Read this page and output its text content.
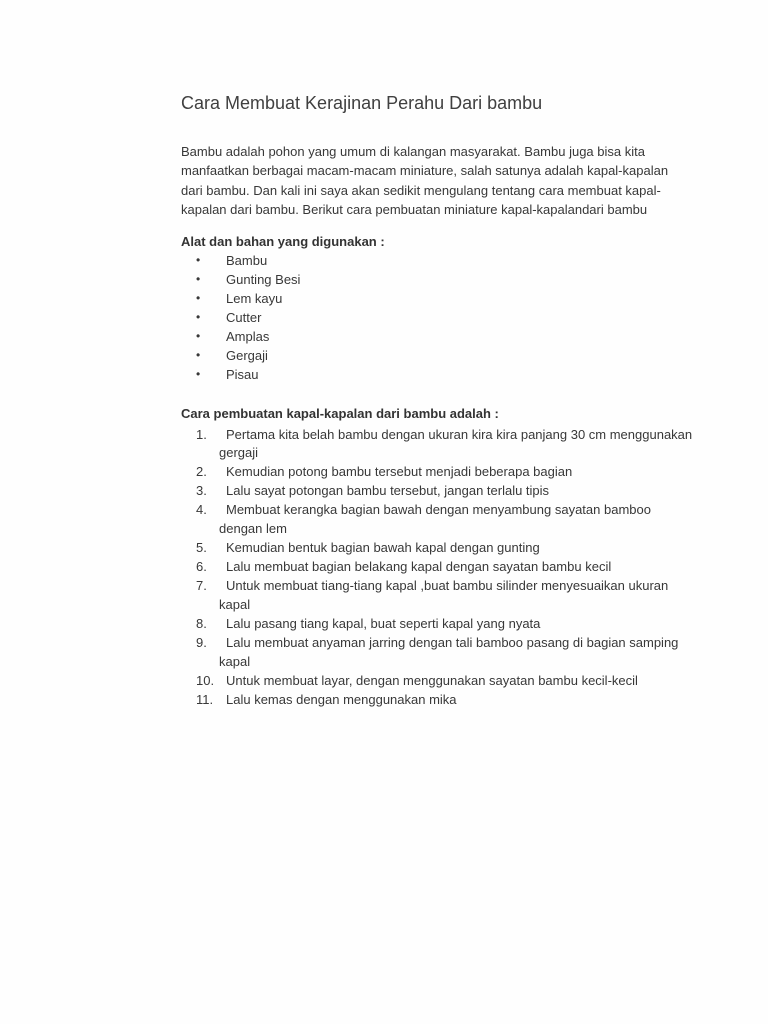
Cara Membuat Kerajinan Perahu Dari bambu
Bambu adalah pohon yang umum di kalangan masyarakat. Bambu juga bisa kita
manfaatkan berbagai macam-macam miniature, salah satunya adalah kapal-kapalan
dari bambu. Dan kali ini saya akan sedikit mengulang tentang cara membuat kapal-
kapalan dari bambu. Berikut cara pembuatan miniature kapal-kapalandari bambu
Alat dan bahan yang digunakan :
• Bambu
• Gunting Besi
• Lem kayu
• Cutter
• Amplas
• Gergaji
• Pisau
Cara pembuatan kapal-kapalan dari bambu adalah :
1.	Pertama kita belah bambu dengan ukuran kira kira panjang 30 cm menggunakan
gergaji
2.	Kemudian potong bambu tersebut menjadi beberapa bagian
3.	Lalu sayat potongan bambu tersebut, jangan terlalu tipis
4.	Membuat kerangka bagian bawah dengan menyambung sayatan bamboo
dengan lem
5.	Kemudian bentuk bagian bawah kapal dengan gunting
6.	Lalu membuat bagian belakang kapal dengan sayatan bambu kecil
7.	Untuk membuat tiang-tiang kapal ,buat bambu silinder menyesuaikan ukuran
kapal
8.	Lalu pasang tiang kapal, buat seperti kapal yang nyata
9.	Lalu membuat anyaman jarring dengan tali bamboo pasang di bagian samping
kapal
10. Untuk membuat layar, dengan menggunakan sayatan bambu kecil-kecil
11. Lalu kemas dengan menggunakan mika
